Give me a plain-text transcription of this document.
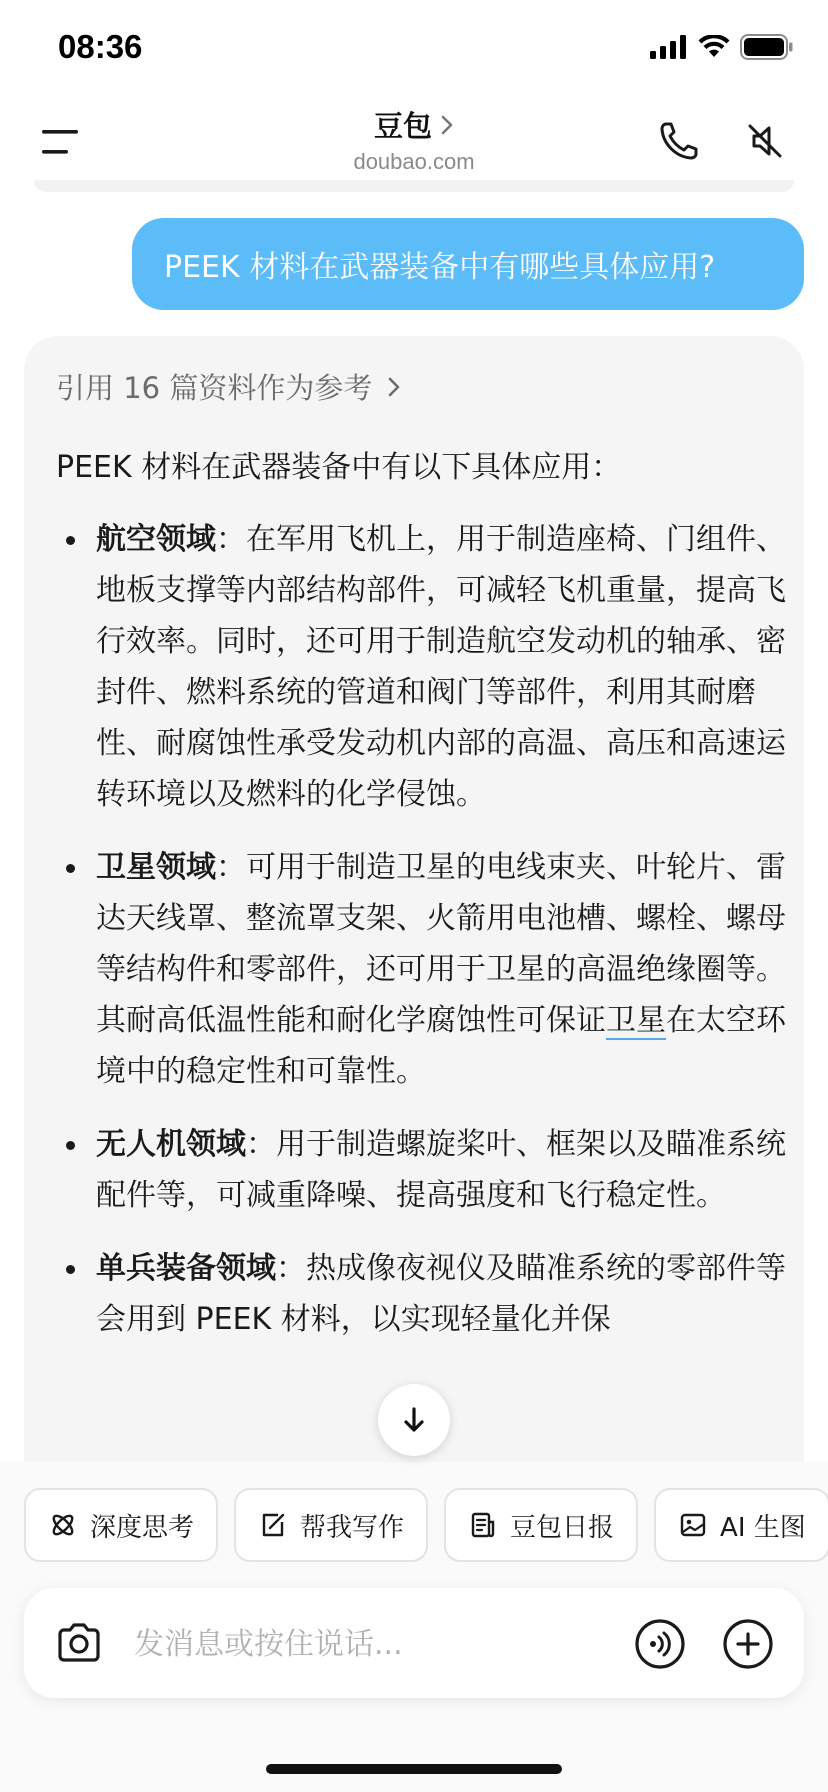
08:36
豆包
doubao.com
PEEK 材料在武器装备中有哪些具体应用?
引用 16 篇资料作为参考
PEEK 材料在武器装备中有以下具体应用：
航空领域：在军用飞机上，用于制造座椅、门组件、地板支撑等内部结构部件，可减轻飞机重量，提高飞行效率。同时，还可用于制造航空发动机的轴承、密封件、燃料系统的管道和阀门等部件，利用其耐磨性、耐腐蚀性承受发动机内部的高温、高压和高速运转环境以及燃料的化学侵蚀。
卫星领域：可用于制造卫星的电线束夹、叶轮片、雷达天线罩、整流罩支架、火箭用电池槽、螺栓、螺母等结构件和零部件，还可用于卫星的高温绝缘圈等。其耐高低温性能和耐化学腐蚀性可保证卫星在太空环境中的稳定性和可靠性。
无人机领域：用于制造螺旋桨叶、框架以及瞄准系统配件等，可减重降噪、提高强度和飞行稳定性。
单兵装备领域：热成像夜视仪及瞄准系统的零部件等会用到 PEEK 材料，以实现轻量化并保
深度思考	帮我写作	豆包日报	AI 生图
发消息或按住说话...
